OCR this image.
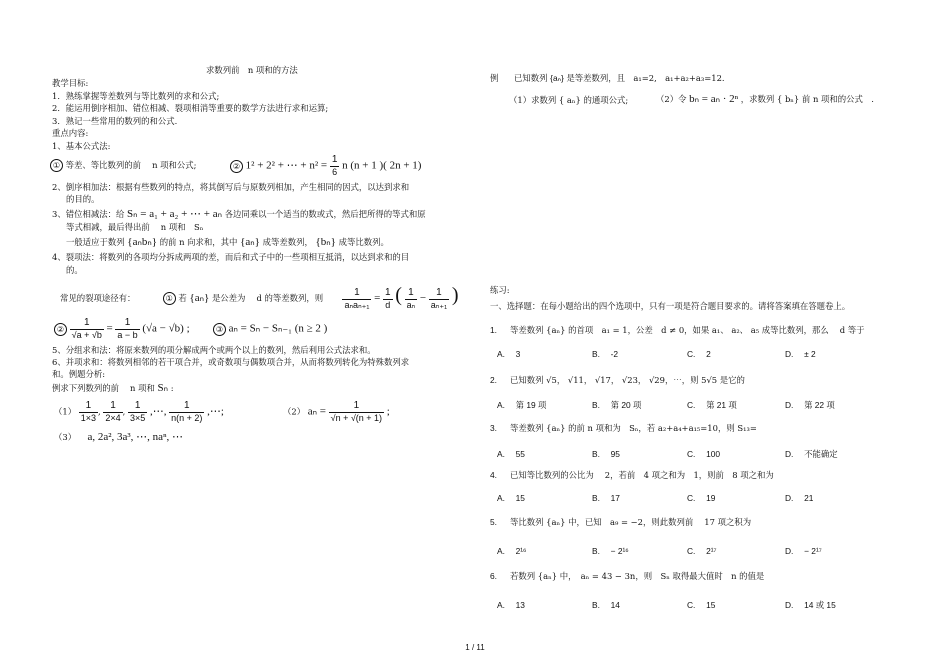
求数列前　n 项和的方法
教学目标:
1．熟练掌握等差数列与等比数列的求和公式;
2．能运用倒序相加、错位相减、裂项相消等重要的数学方法进行求和运算;
3．熟记一些常用的数列的和公式.
重点内容:
1、基本公式法:
① 等差、等比数列的前　 n 项和公式;	② 1² + 2² + ⋯ + $n^2 = \frac{1}{6}$ n (n + 1 )( 2n + 1)
2、倒序相加法：根据有些数列的特点，将其倒写后与原数列相加，产生相同的因式，以达到求和
的目的。
3、错位相减法：给 Sₙ = a₁ + a₂ + ⋯ + aₙ 各边同乘以一个适当的数或式，然后把所得的等式和原
等式相减，最后得出前　 n 项和　Sₙ
一般适应于数列 {aₙbₙ} 的前 n 向求和，其中 {aₙ} 成等差数列， {bₙ} 成等比数列。
4、裂项法：将数列的各项均分拆成两项的差，而后和式子中的一些项相互抵消，以达到求和的目
的。
常见的裂项途径有：	① 若 {aₙ} 是公差为　 d 的等差数列，则 $\frac{1}{\text{aₙaₙ₊₁}} = \frac{1}{d}$ ( $\frac{1}{\text{aₙ}} - \frac{1}{\text{aₙ₊₁}}$ )
② $\frac{1}{√a + √b} = \frac{1}{a - b} (√a - √b)$ ;	③ aₙ = Sₙ − Sₙ₋₁ (n ≥ 2 )
5、分组求和法：将原来数列的项分解成两个或两个以上的数列，然后利用公式法求和。
6、并项求和：将数列相邻的若干项合并，或奇数项与偶数项合并，从而将数列转化为特殊数列求
和。例题分析:
例求下列数列的前　 n 项和 Sₙ :
$(1) \frac{1}{1\times 3}$ , $\frac{1}{2\times 4}$ , $\frac{1}{3\times 5}$ ,⋯, $\frac{1}{n(n + 2)}$ ,⋯;	（2） $a_n = \frac{1}{√n + √(n + 1)}$ ;
（3） a, 2a², 3a³, ⋯, naⁿ, ⋯
例 已知数列 {aₙ} 是等差数列，且　a₁=2,　a₁+a₂+a₃=12.
（1）求数列 { aₙ} 的通项公式;	（2）令 bₙ = aₙ · 2ⁿ ，求数列 { bₙ} 前 n 项和的公式　.
练习:
一、选择题：在每小题给出的四个选项中，只有一项是符合题目要求的。请将答案填在答题卷上。
1. 等差数列 {aₙ} 的首项　a₁ = 1，公差　d ≠ 0，如果 a₁、 a₂、 a₅ 成等比数列，那么　 d 等于
A.　 3	B.　 -2	C.　 2	D.　 ± 2
2. 已知数列 √5， √11， √17， √23， √29，⋯，则 5√5 是它的
A.　 第 19 项	B.　 第 20 项	C.　 第 21 项	D.　 第 22 项
3. 等差数列 {aₙ} 的前 n 项和为　Sₙ，若 a₂+a₄+a₁₅=10，则 S₁₃=
A.　 55	B.　 95	C.　 100	D.　 不能确定
4. 已知等比数列的公比为　 2，若前　4 项之和为　1，则前　8 项之和为
A.　 15	B.　 17	C.　 19	D.　 21
5. 等比数列 {aₙ} 中，已知　a₉ = −2，则此数列前　 17 项之积为
A.　 2¹⁶	B.　 − 2¹⁶	C.　 2¹⁷	D.　 − 2¹⁷
6. 若数列 {aₙ} 中，　aₙ = 43 − 3n，则　Sₙ 取得最大值时　n 的值是
A.　 13	B.　 14	C.　 15	D.　 14 或 15
1 / 11
